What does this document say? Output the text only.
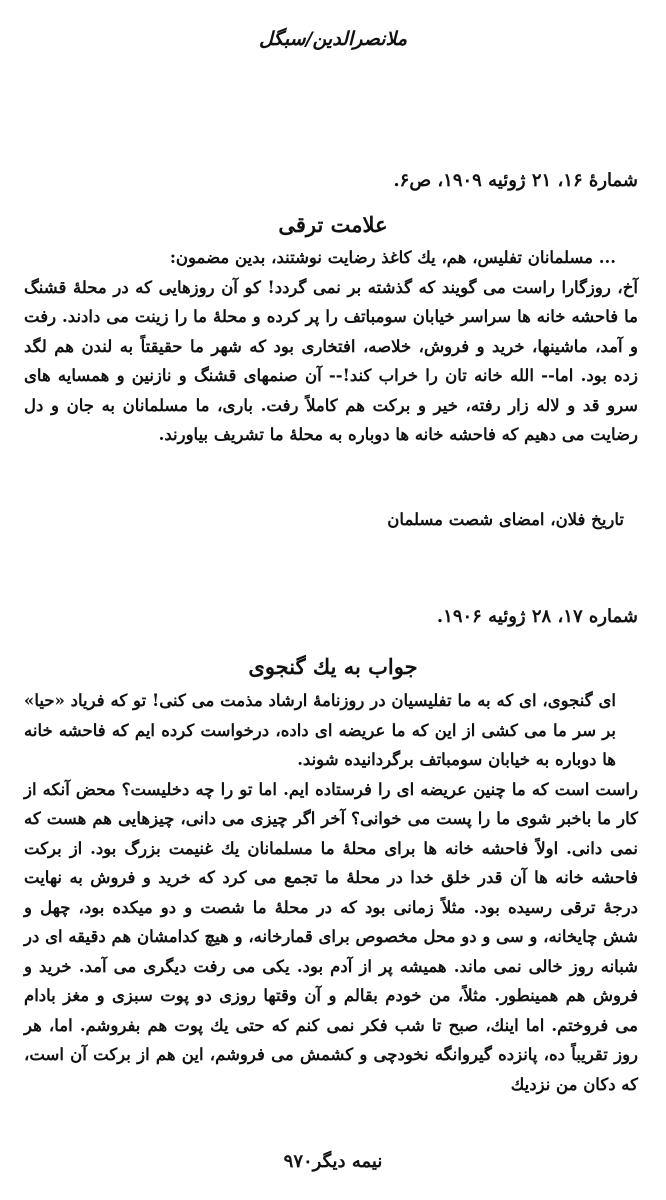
ملانصرالدین/سبگل
شمارهٔ ۱۶، ۲۱ ژوئیه ۱۹۰۹، ص۶.
علامت ترقی

... مسلمانان تفلیس، هم، یك كاغذ رضایت نوشتند، بدین مضمون:

آخ، روزگارا راست می گویند كه گذشته بر نمی گردد! كو آن روزهایی كه در محلهٔ قشنگ ما فاحشه خانه ها سراسر خیابان سومباتف را پر كرده و محلهٔ ما را زینت می دادند. رفت و آمد، ماشینها، خرید و فروش، خلاصه، افتخاری بود كه شهر ما حقیقتاً به لندن هم لگد زده بود. اما-- الله خانه تان را خراب كند!-- آن صنمهای قشنگ و نازنین و همسایه های سرو قد و لاله زار رفته، خیر و بركت هم كاملاً رفت. باری، ما مسلمانان به جان و دل رضایت می دهیم كه فاحشه خانه ها دوباره به محلهٔ ما تشریف بیاورند.

تاریخ فلان، امضای شصت مسلمان

شماره ۱۷، ۲۸ ژوئیه ۱۹۰۶.
جواب به یك گنجوی

ای گنجوی، ای كه به ما تفلیسیان در روزنامهٔ ارشاد مذمت می كنی! تو كه فریاد «حیا» بر سر ما می كشی از این كه ما عریضه ای داده، درخواست كرده ایم كه فاحشه خانه ها دوباره به خیابان سومباتف برگردانیده شوند.

راست است كه ما چنین عریضه ای را فرستاده ایم. اما تو را چه دخلیست؟ محض آنكه از كار ما باخبر شوی ما را پست می خوانی؟ آخر اگر چیزی می دانی، چیزهایی هم هست كه نمی دانی. اولاً فاحشه خانه ها برای محلهٔ ما مسلمانان یك غنیمت بزرگ بود. از بركت فاحشه خانه ها آن قدر خلق خدا در محلهٔ ما تجمع می كرد كه خرید و فروش به نهایت درجهٔ ترقی رسیده بود. مثلاً زمانی بود كه در محلهٔ ما شصت و دو میكده بود، چهل و شش چایخانه، و سی و دو محل مخصوص برای قمارخانه، و هیچ كدامشان هم دقیقه ای در شبانه روز خالی نمی ماند. همیشه پر از آدم بود. یكی می رفت دیگری می آمد. خرید و فروش هم همینطور. مثلاً، من خودم بقالم و آن وقتها روزی دو پوت سبزی و مغز بادام می فروختم. اما اینك، صبح تا شب فكر نمی كنم كه حتی یك پوت هم بفروشم. اما، هر روز تقریباً ده، پانزده گیروانگه نخودچی و كشمش می فروشم، این هم از بركت آن است، كه دكان من نزدیك

نیمه دیگر۹۷۰
